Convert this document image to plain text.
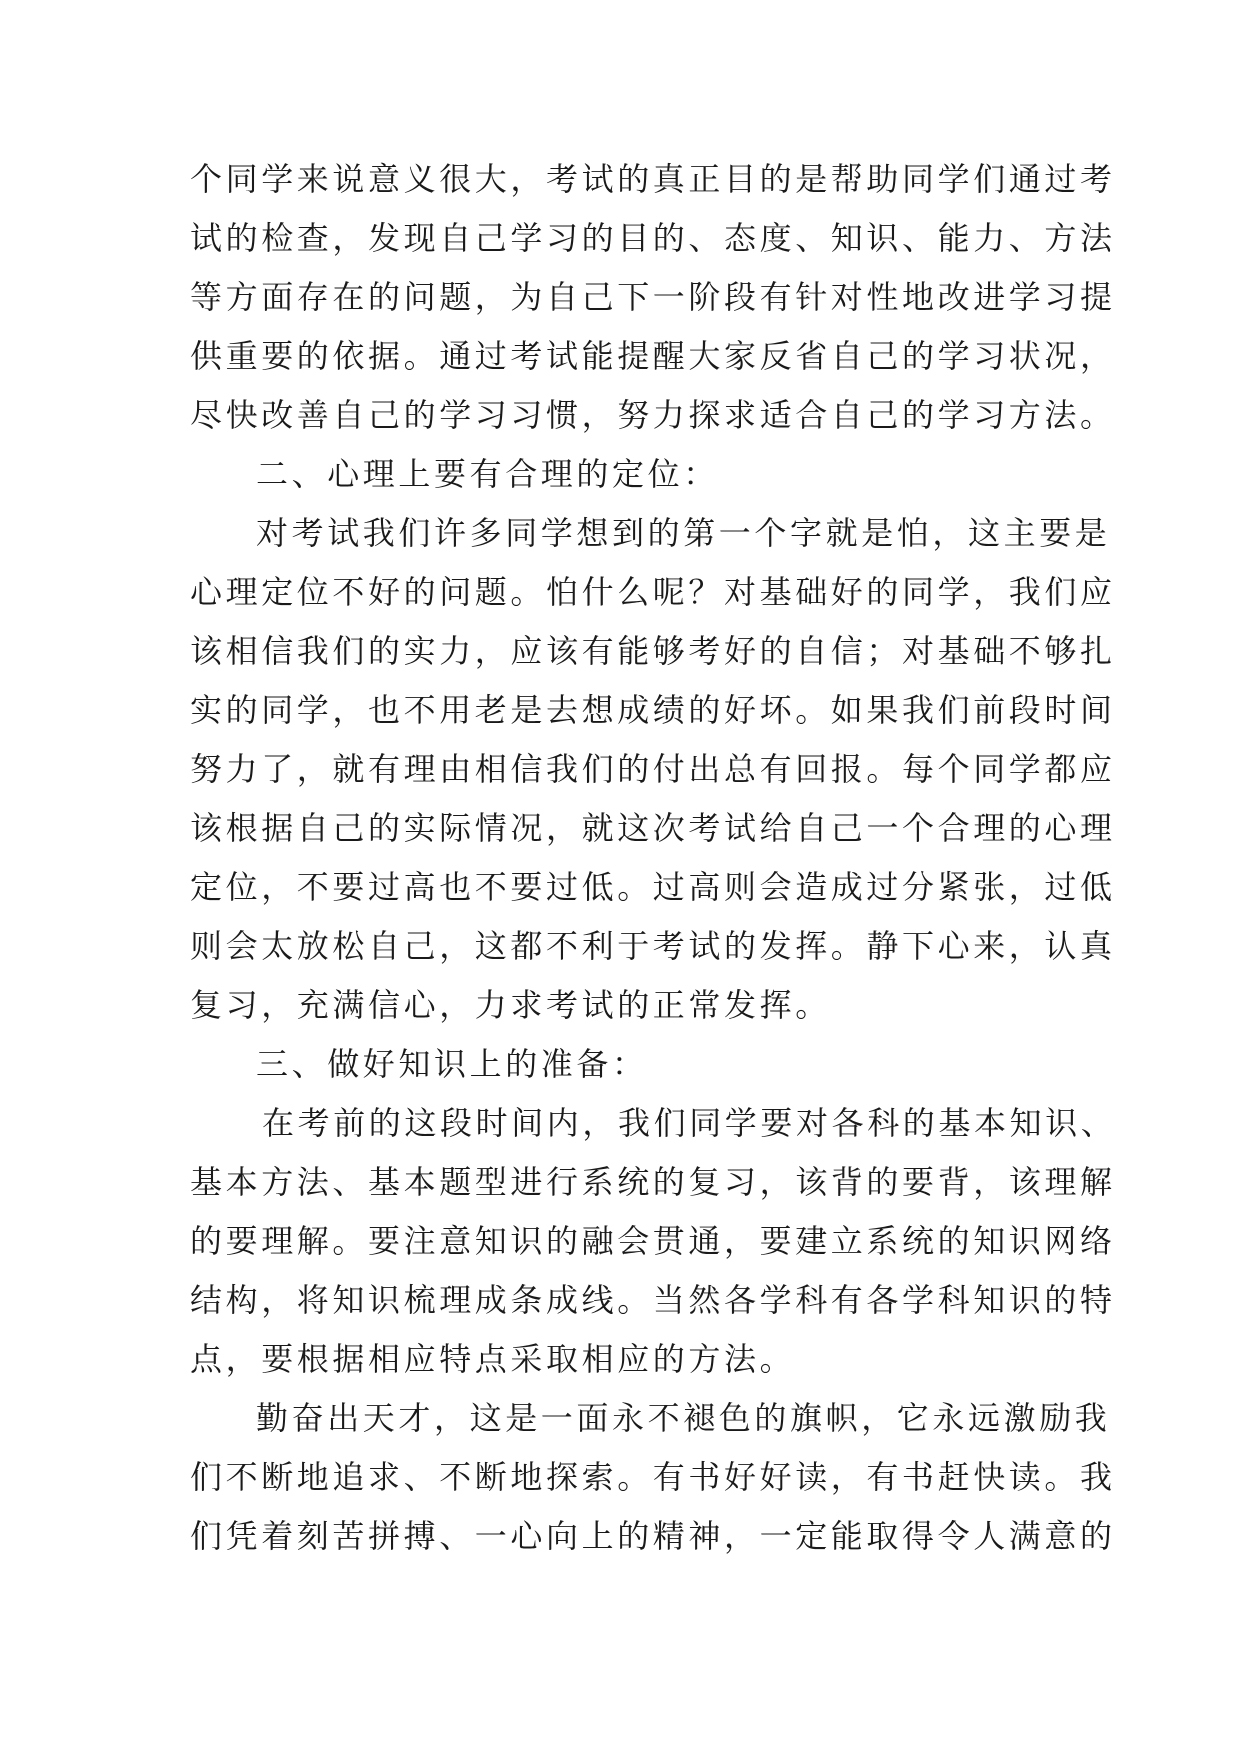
个同学来说意义很大，考试的真正目的是帮助同学们通过考
试的检查，发现自己学习的目的、态度、知识、能力、方法
等方面存在的问题，为自己下一阶段有针对性地改进学习提
供重要的依据。通过考试能提醒大家反省自己的学习状况，
尽快改善自己的学习习惯，努力探求适合自己的学习方法。
二、心理上要有合理的定位：
对考试我们许多同学想到的第一个字就是怕，这主要是
心理定位不好的问题。怕什么呢？对基础好的同学，我们应
该相信我们的实力，应该有能够考好的自信；对基础不够扎
实的同学，也不用老是去想成绩的好坏。如果我们前段时间
努力了，就有理由相信我们的付出总有回报。每个同学都应
该根据自己的实际情况，就这次考试给自己一个合理的心理
定位，不要过高也不要过低。过高则会造成过分紧张，过低
则会太放松自己，这都不利于考试的发挥。静下心来，认真
复习，充满信心，力求考试的正常发挥。
三、做好知识上的准备：
在考前的这段时间内，我们同学要对各科的基本知识、
基本方法、基本题型进行系统的复习，该背的要背，该理解
的要理解。要注意知识的融会贯通，要建立系统的知识网络
结构，将知识梳理成条成线。当然各学科有各学科知识的特
点，要根据相应特点采取相应的方法。
勤奋出天才，这是一面永不褪色的旗帜，它永远激励我
们不断地追求、不断地探索。有书好好读，有书赶快读。我
们凭着刻苦拼搏、一心向上的精神，一定能取得令人满意的
